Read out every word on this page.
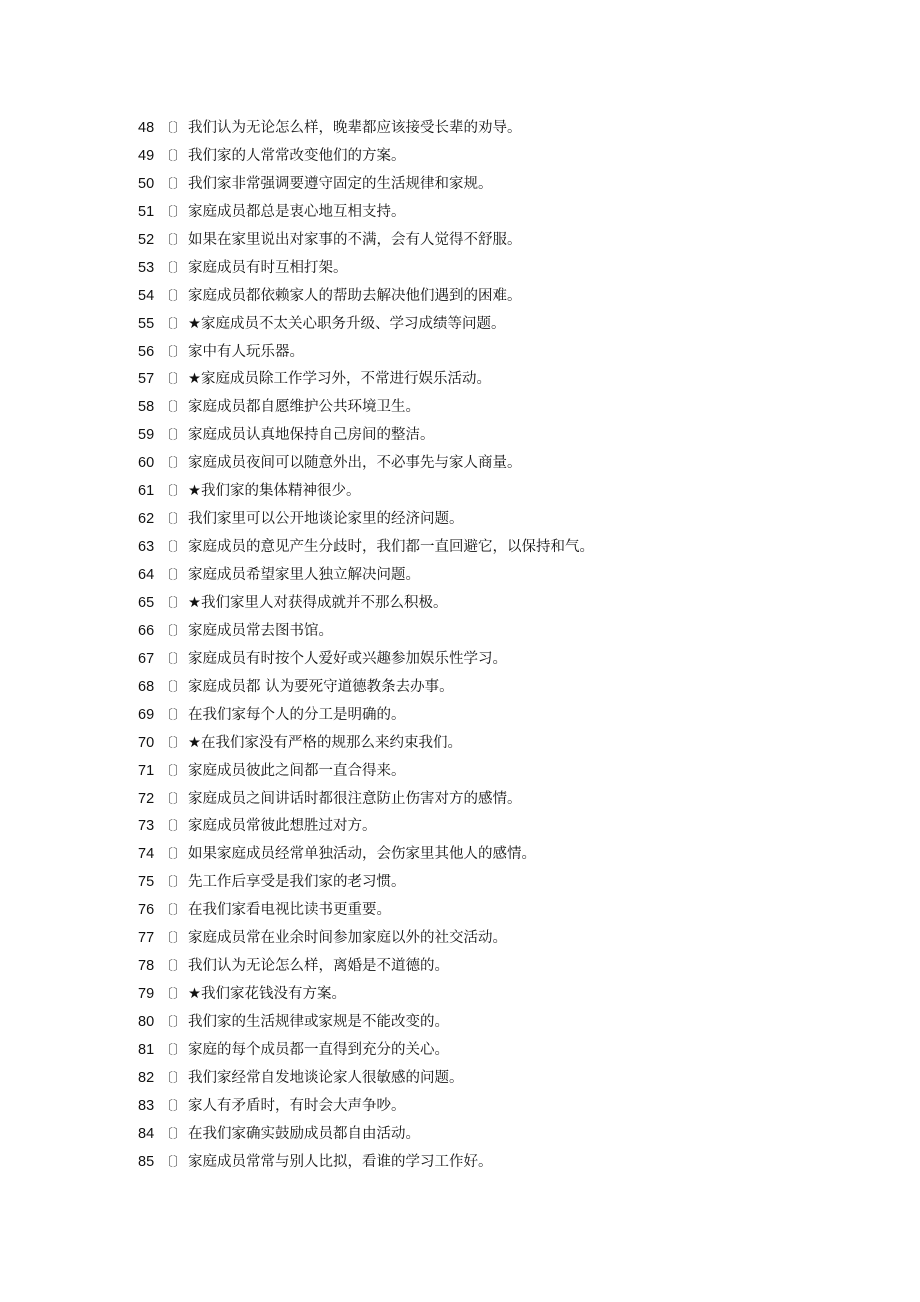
48 〔〕 我们认为无论怎么样，晚辈都应该接受长辈的劝导。
49 〔〕 我们家的人常常改变他们的方案。
50 〔〕 我们家非常强调要遵守固定的生活规律和家规。
51 〔〕 家庭成员都总是衷心地互相支持。
52 〔〕 如果在家里说出对家事的不满，会有人觉得不舒服。
53 〔〕 家庭成员有时互相打架。
54 〔〕 家庭成员都依赖家人的帮助去解决他们遇到的困难。
55 〔〕 ★家庭成员不太关心职务升级、学习成绩等问题。
56 〔〕 家中有人玩乐器。
57 〔〕 ★家庭成员除工作学习外，不常进行娱乐活动。
58 〔〕 家庭成员都自愿维护公共环境卫生。
59 〔〕 家庭成员认真地保持自己房间的整洁。
60 〔〕 家庭成员夜间可以随意外出，不必事先与家人商量。
61 〔〕 ★我们家的集体精神很少。
62 〔〕 我们家里可以公开地谈论家里的经济问题。
63 〔〕 家庭成员的意见产生分歧时，我们都一直回避它，以保持和气。
64 〔〕 家庭成员希望家里人独立解决问题。
65 〔〕 ★我们家里人对获得成就并不那么积极。
66 〔〕 家庭成员常去图书馆。
67 〔〕 家庭成员有时按个人爱好或兴趣参加娱乐性学习。
68 〔〕 家庭成员都 认为要死守道德教条去办事。
69 〔〕 在我们家每个人的分工是明确的。
70 〔〕 ★在我们家没有严格的规那么来约束我们。
71 〔〕 家庭成员彼此之间都一直合得来。
72 〔〕 家庭成员之间讲话时都很注意防止伤害对方的感情。
73 〔〕 家庭成员常彼此想胜过对方。
74 〔〕 如果家庭成员经常单独活动，会伤家里其他人的感情。
75 〔〕 先工作后享受是我们家的老习惯。
76 〔〕 在我们家看电视比读书更重要。
77 〔〕 家庭成员常在业余时间参加家庭以外的社交活动。
78 〔〕 我们认为无论怎么样，离婚是不道德的。
79 〔〕 ★我们家花钱没有方案。
80 〔〕 我们家的生活规律或家规是不能改变的。
81 〔〕 家庭的每个成员都一直得到充分的关心。
82 〔〕 我们家经常自发地谈论家人很敏感的问题。
83 〔〕 家人有矛盾时，有时会大声争吵。
84 〔〕 在我们家确实鼓励成员都自由活动。
85 〔〕 家庭成员常常与别人比拟，看谁的学习工作好。
